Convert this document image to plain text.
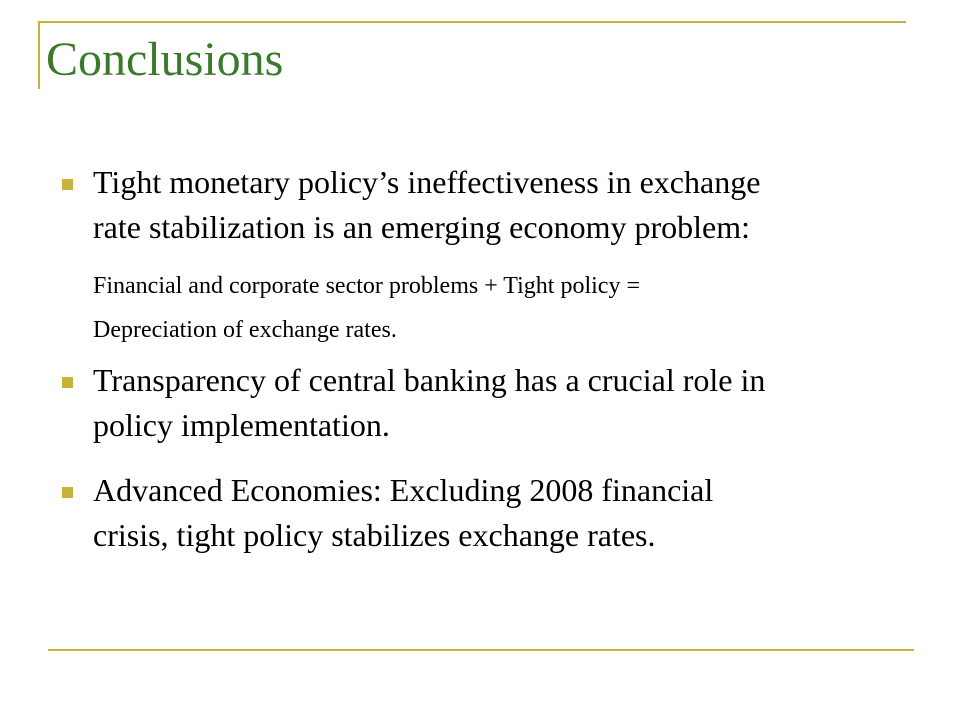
Conclusions

Tight monetary policy’s ineffectiveness in exchange

rate stabilization is an emerging economy problem:

Financial and corporate sector problems + Tight policy =

Depreciation of exchange rates.

Transparency of central banking has a crucial role in

policy implementation.

Advanced Economies: Excluding 2008 financial

crisis, tight policy stabilizes exchange rates.
